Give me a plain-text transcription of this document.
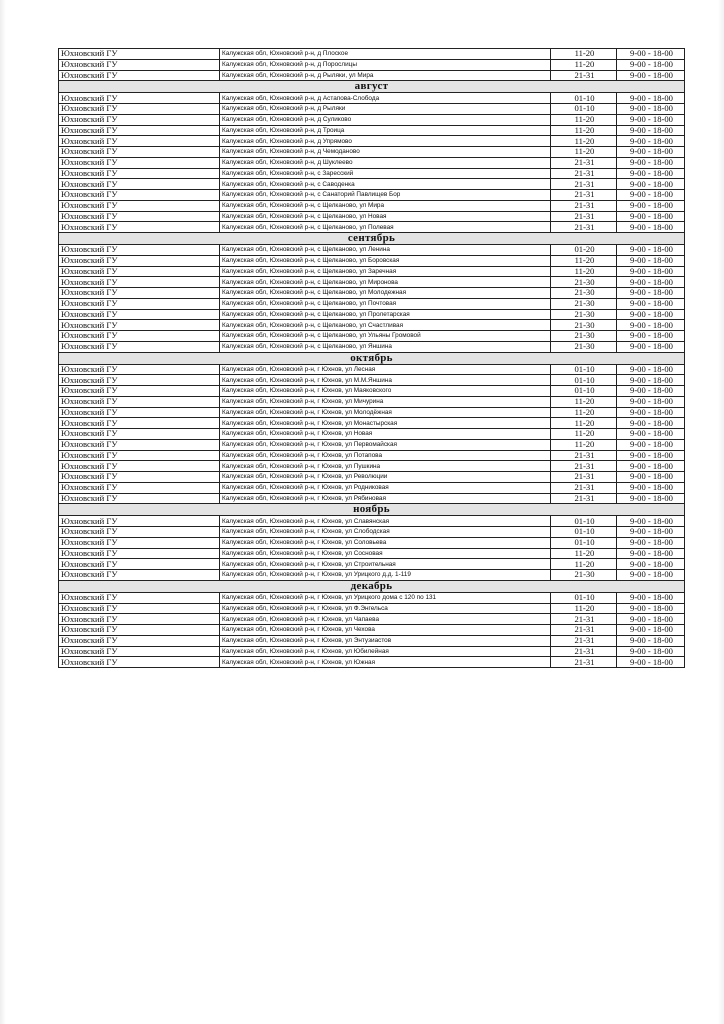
Юхновский ГУ	Калужская обл, Юхновский р-н, д Плоское	11-20	9-00 - 18-00
Юхновский ГУ	Калужская обл, Юхновский р-н, д Порослицы	11-20	9-00 - 18-00
Юхновский ГУ	Калужская обл, Юхновский р-н, д Рыляки, ул Мира	21-31	9-00 - 18-00
август			
Юхновский ГУ	Калужская обл, Юхновский р-н, д Астапова-Слобода	01-10	9-00 - 18-00
Юхновский ГУ	Калужская обл, Юхновский р-н, д Рыляки	01-10	9-00 - 18-00
Юхновский ГУ	Калужская обл, Юхновский р-н, д Суликово	11-20	9-00 - 18-00
Юхновский ГУ	Калужская обл, Юхновский р-н, д Троица	11-20	9-00 - 18-00
Юхновский ГУ	Калужская обл, Юхновский р-н, д Упрямово	11-20	9-00 - 18-00
Юхновский ГУ	Калужская обл, Юхновский р-н, д Чемоданово	11-20	9-00 - 18-00
Юхновский ГУ	Калужская обл, Юхновский р-н, д Шуклеево	21-31	9-00 - 18-00
Юхновский ГУ	Калужская обл, Юхновский р-н, с Заресский	21-31	9-00 - 18-00
Юхновский ГУ	Калужская обл, Юхновский р-н, с Саводенка	21-31	9-00 - 18-00
Юхновский ГУ	Калужская обл, Юхновский р-н, с Санаторий Павлищев Бор	21-31	9-00 - 18-00
Юхновский ГУ	Калужская обл, Юхновский р-н, с Щелканово, ул Мира	21-31	9-00 - 18-00
Юхновский ГУ	Калужская обл, Юхновский р-н, с Щелканово, ул Новая	21-31	9-00 - 18-00
Юхновский ГУ	Калужская обл, Юхновский р-н, с Щелканово, ул Полевая	21-31	9-00 - 18-00
сентябрь			
Юхновский ГУ	Калужская обл, Юхновский р-н, с Щелканово, ул Ленина	01-20	9-00 - 18-00
Юхновский ГУ	Калужская обл, Юхновский р-н, с Щелканово, ул Боровская	11-20	9-00 - 18-00
Юхновский ГУ	Калужская обл, Юхновский р-н, с Щелканово, ул Заречная	11-20	9-00 - 18-00
Юхновский ГУ	Калужская обл, Юхновский р-н, с Щелканово, ул Миронова	21-30	9-00 - 18-00
Юхновский ГУ	Калужская обл, Юхновский р-н, с Щелканово, ул Молодежная	21-30	9-00 - 18-00
Юхновский ГУ	Калужская обл, Юхновский р-н, с Щелканово, ул Почтовая	21-30	9-00 - 18-00
Юхновский ГУ	Калужская обл, Юхновский р-н, с Щелканово, ул Пролетарская	21-30	9-00 - 18-00
Юхновский ГУ	Калужская обл, Юхновский р-н, с Щелканово, ул Счастливая	21-30	9-00 - 18-00
Юхновский ГУ	Калужская обл, Юхновский р-н, с Щелканово, ул Ульяны Громовой	21-30	9-00 - 18-00
Юхновский ГУ	Калужская обл, Юхновский р-н, с Щелканово, ул Яншина	21-30	9-00 - 18-00
октябрь			
Юхновский ГУ	Калужская обл, Юхновский р-н, г Юхнов, ул Лесная	01-10	9-00 - 18-00
Юхновский ГУ	Калужская обл, Юхновский р-н, г Юхнов, ул М.М.Яншина	01-10	9-00 - 18-00
Юхновский ГУ	Калужская обл, Юхновский р-н, г Юхнов, ул Маяковского	01-10	9-00 - 18-00
Юхновский ГУ	Калужская обл, Юхновский р-н, г Юхнов, ул Мичурина	11-20	9-00 - 18-00
Юхновский ГУ	Калужская обл, Юхновский р-н, г Юхнов, ул Молодёжная	11-20	9-00 - 18-00
Юхновский ГУ	Калужская обл, Юхновский р-н, г Юхнов, ул Монастырская	11-20	9-00 - 18-00
Юхновский ГУ	Калужская обл, Юхновский р-н, г Юхнов, ул Новая	11-20	9-00 - 18-00
Юхновский ГУ	Калужская обл, Юхновский р-н, г Юхнов, ул Первомайская	11-20	9-00 - 18-00
Юхновский ГУ	Калужская обл, Юхновский р-н, г Юхнов, ул Потапова	21-31	9-00 - 18-00
Юхновский ГУ	Калужская обл, Юхновский р-н, г Юхнов, ул Пушкина	21-31	9-00 - 18-00
Юхновский ГУ	Калужская обл, Юхновский р-н, г Юхнов, ул Революции	21-31	9-00 - 18-00
Юхновский ГУ	Калужская обл, Юхновский р-н, г Юхнов, ул Родниковая	21-31	9-00 - 18-00
Юхновский ГУ	Калужская обл, Юхновский р-н, г Юхнов, ул Рябиновая	21-31	9-00 - 18-00
ноябрь			
Юхновский ГУ	Калужская обл, Юхновский р-н, г Юхнов, ул Славянская	01-10	9-00 - 18-00
Юхновский ГУ	Калужская обл, Юхновский р-н, г Юхнов, ул Слободская	01-10	9-00 - 18-00
Юхновский ГУ	Калужская обл, Юхновский р-н, г Юхнов, ул Соловьева	01-10	9-00 - 18-00
Юхновский ГУ	Калужская обл, Юхновский р-н, г Юхнов, ул Сосновая	11-20	9-00 - 18-00
Юхновский ГУ	Калужская обл, Юхновский р-н, г Юхнов, ул Строительная	11-20	9-00 - 18-00
Юхновский ГУ	Калужская обл, Юхновский р-н, г Юхнов, ул Урицкого д.д. 1-119	21-30	9-00 - 18-00
декабрь			
Юхновский ГУ	Калужская обл, Юхновский р-н, г Юхнов, ул Урицкого дома с 120 по 131	01-10	9-00 - 18-00
Юхновский ГУ	Калужская обл, Юхновский р-н, г Юхнов, ул Ф.Энгельса	11-20	9-00 - 18-00
Юхновский ГУ	Калужская обл, Юхновский р-н, г Юхнов, ул Чапаева	21-31	9-00 - 18-00
Юхновский ГУ	Калужская обл, Юхновский р-н, г Юхнов, ул Чехова	21-31	9-00 - 18-00
Юхновский ГУ	Калужская обл, Юхновский р-н, г Юхнов, ул Энтузиастов	21-31	9-00 - 18-00
Юхновский ГУ	Калужская обл, Юхновский р-н, г Юхнов, ул Юбилейная	21-31	9-00 - 18-00
Юхновский ГУ	Калужская обл, Юхновский р-н, г Юхнов, ул Южная	21-31	9-00 - 18-00
